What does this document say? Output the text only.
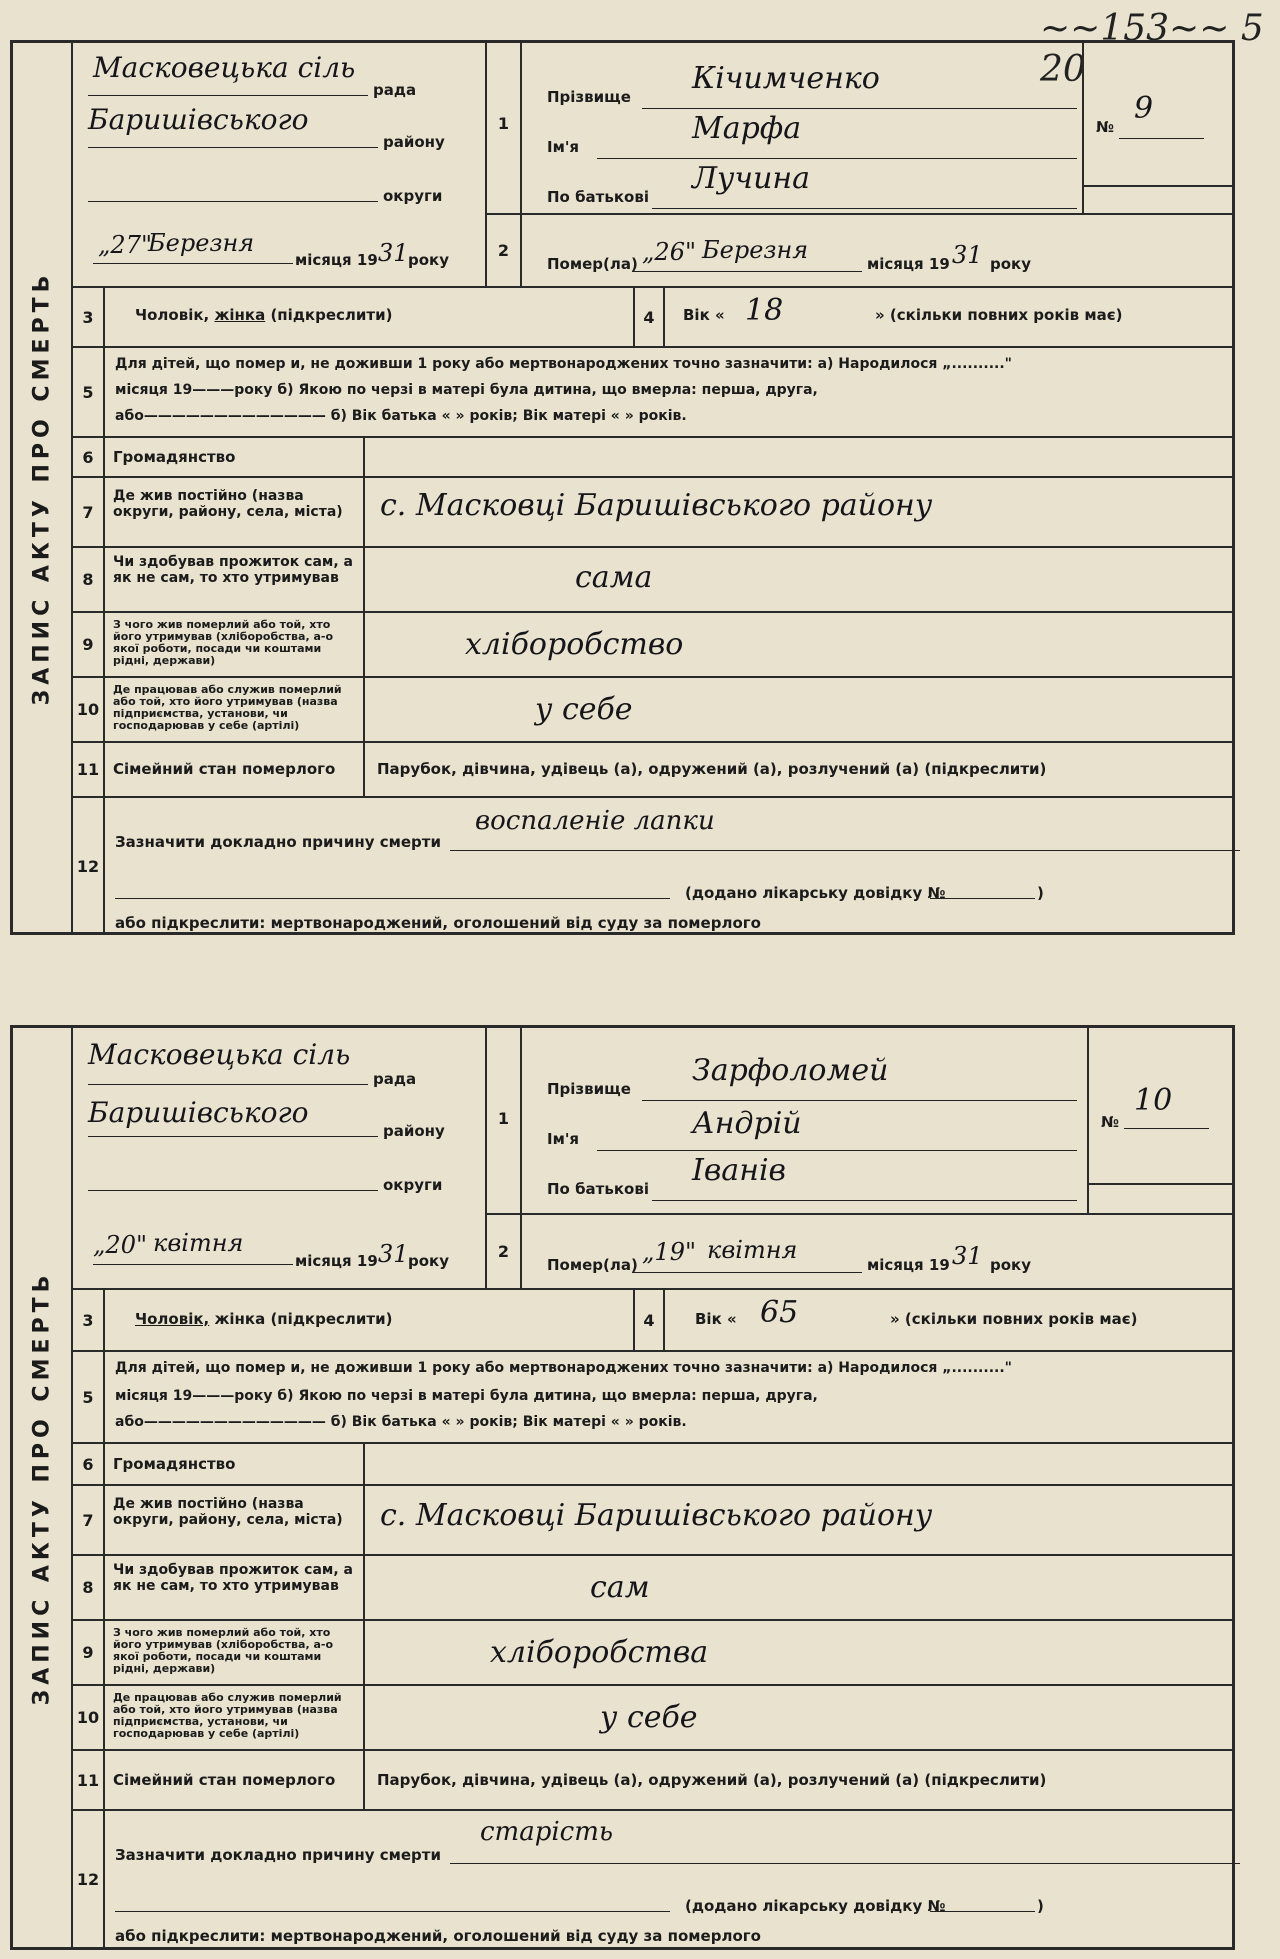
~~153~~ 5 20
ЗАПИС АКТУ ПРО СМЕРТЬ
Масковецька сіль
рада
Баришівського
району
округи
„27"
Березня
місяця 19 31 року
1
2
Прізвище
Кічимченко
Ім'я
Марфа
По батькові
Лучина
№
9
Помер(ла) „26" Березня	місяця 19 31 року
3	Чоловік, жінка (підкреслити)	4	Вік « 18	» (скільки повних років має)
5
Для дітей, що помер и, не доживши 1 року або мертвонароджених точно зазначити: а) Народилося „.........."
місяця 19———року б) Якою по черзі в матері була дитина, що вмерла: перша, друга,
або————————————— б) Вік батька « » років; Вік матері « » років.
6	Громадянство
7
Де жив постійно (назва округи, району, села, міста)	с. Масковці Баришівського району
8
Чи здобував прожиток сам, а як не сам, то хто утримував	сама
9
З чого жив померлий або той, хто його утримував (хліборобства, а-о якої роботи, посади чи коштами рідні, держави)	хліборобство
10
Де працював або служив померлий або той, хто його утримував (назва підприємства, установи, чи господарював у себе (артілі)	у себе
11 Сімейний стан померлого	Парубок, дівчина, удівець (а), одружений (а), розлучений (а) (підкреслити)
12
Зазначити докладно причину смерти
воспаленіе лапки
(додано лікарську довідку №	)
або підкреслити: мертвонароджений, оголошений від суду за померлого
ЗАПИС АКТУ ПРО СМЕРТЬ
Масковецька сіль
рада
Баришівського
району
округи
„20" квітня
місяця 19 31 року
1
2
Прізвище
Зарфоломей
Ім'я	Андрій
По батькові
Іванів
№
10
Помер(ла) „19" квітня
місяця 19 31 року
3	Чоловік, жінка (підкреслити)	4	Вік « 65	» (скільки повних років має)
5
Для дітей, що помер и, не доживши 1 року або мертвонароджених точно зазначити: а) Народилося „.........."
місяця 19———року б) Якою по черзі в матері була дитина, що вмерла: перша, друга,
або————————————— б) Вік батька « » років; Вік матері « » років.
6	Громадянство
7
Де жив постійно (назва округи, району, села, міста)	с. Масковці Баришівського району
8
Чи здобував прожиток сам, а як не сам, то хто утримував	сам
9
З чого жив померлий або той, хто його утримував (хліборобства, а-о якої роботи, посади чи коштами рідні, держави)	хліборобства
10
Де працював або служив померлий або той, хто його утримував (назва підприємства, установи, чи господарював у себе (артілі)	у себе
11 Сімейний стан померлого	Парубок, дівчина, удівець (а), одружений (а), розлучений (а) (підкреслити)
12
Зазначити докладно причину смерти
старість
(додано лікарську довідку №	)
або підкреслити: мертвонароджений, оголошений від суду за померлого
